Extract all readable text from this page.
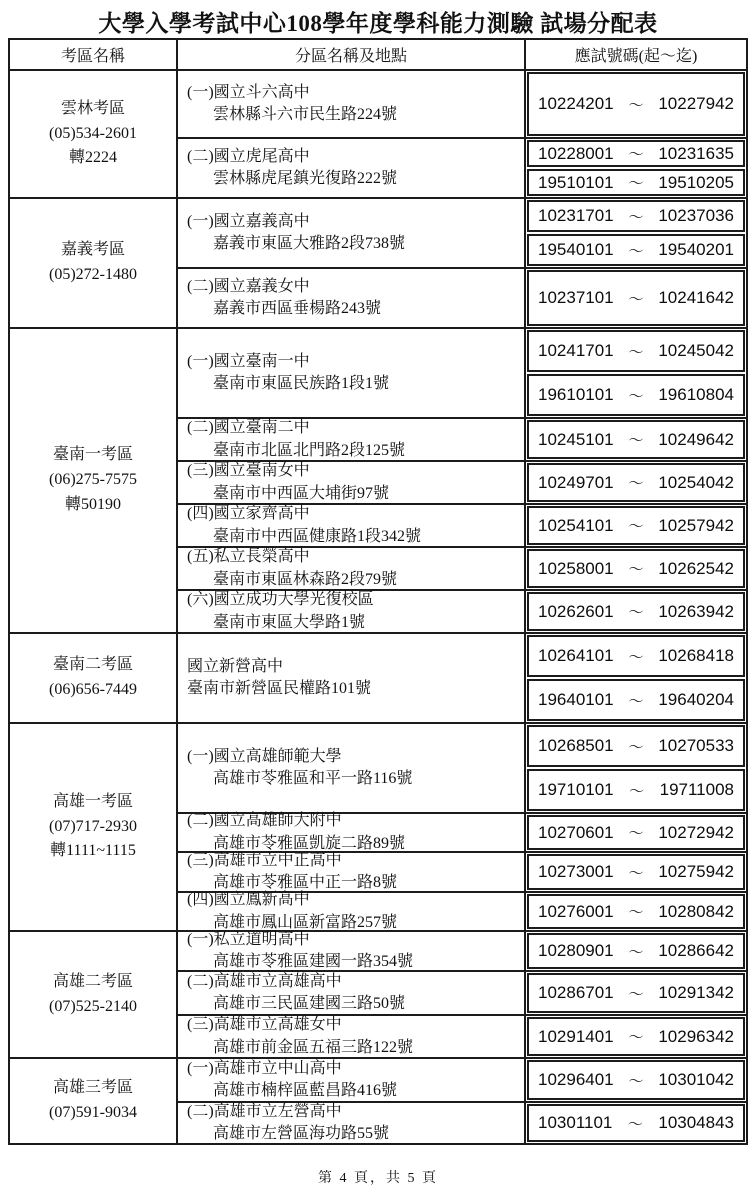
大學入學考試中心108學年度學科能力測驗 試場分配表
考區名稱	分區名稱及地點	應試號碼(起～迄)
雲林考區
(05)534-2601
轉2224
(一)國立斗六高中
雲林縣斗六市民生路224號
10224201 ～ 10227942
(二)國立虎尾高中
雲林縣虎尾鎮光復路222號
10228001 ～ 10231635
19510101 ～ 19510205
嘉義考區
(05)272-1480
(一)國立嘉義高中
嘉義市東區大雅路2段738號
10231701 ～ 10237036
19540101 ～ 19540201
(二)國立嘉義女中
嘉義市西區垂楊路243號
10237101 ～ 10241642
臺南一考區
(06)275-7575
轉50190
(一)國立臺南一中
臺南市東區民族路1段1號
10241701 ～ 10245042
19610101 ～ 19610804
(二)國立臺南二中
臺南市北區北門路2段125號
10245101 ～ 10249642
(三)國立臺南女中
臺南市中西區大埔街97號
10249701 ～ 10254042
(四)國立家齊高中
臺南市中西區健康路1段342號
10254101 ～ 10257942
(五)私立長榮高中
臺南市東區林森路2段79號
10258001 ～ 10262542
(六)國立成功大學光復校區
臺南市東區大學路1號
10262601 ～ 10263942
臺南二考區
(06)656-7449
國立新營高中
臺南市新營區民權路101號
10264101 ～ 10268418
19640101 ～ 19640204
高雄一考區
(07)717-2930
轉1111~1115
(一)國立高雄師範大學
高雄市苓雅區和平一路116號
10268501 ～ 10270533
19710101 ～ 19711008
(二)國立高雄師大附中
高雄市苓雅區凱旋二路89號
10270601 ～ 10272942
(三)高雄市立中正高中
高雄市苓雅區中正一路8號
10273001 ～ 10275942
(四)國立鳳新高中
高雄市鳳山區新富路257號
10276001 ～ 10280842
高雄二考區
(07)525-2140
(一)私立道明高中
高雄市苓雅區建國一路354號
10280901 ～ 10286642
(二)高雄市立高雄高中
高雄市三民區建國三路50號
10286701 ～ 10291342
(三)高雄市立高雄女中
高雄市前金區五福三路122號
10291401 ～ 10296342
高雄三考區
(07)591-9034
(一)高雄市立中山高中
高雄市楠梓區藍昌路416號
10296401 ～ 10301042
(二)高雄市立左營高中
高雄市左營區海功路55號
10301101 ～ 10304843
第 4 頁，共 5 頁
